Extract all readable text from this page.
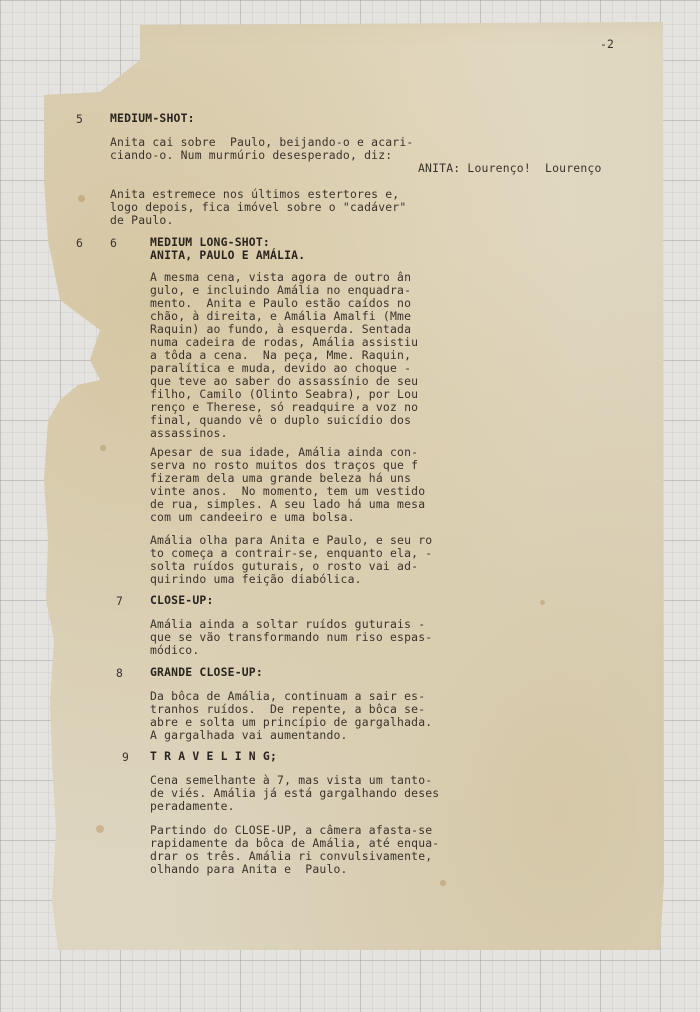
-2
5 MEDIUM-SHOT:
Anita cai sobre  Paulo, beijando-o e acari-
ciando-o. Num murmúrio desesperado, diz:
ANITA: Lourenço!  Lourenço
Anita estremece nos últimos estertores e,
logo depois, fica imóvel sobre o "cadáver"
de Paulo.
6 6	MEDIUM LONG-SHOT:
ANITA, PAULO E AMÁLIA.
A mesma cena, vista agora de outro ân
gulo, e incluindo Amália no enquadra-
mento.  Anita e Paulo estão caídos no
chão, à direita, e Amália Amalfi (Mme
Raquin) ao fundo, à esquerda. Sentada
numa cadeira de rodas, Amália assistiu
a tôda a cena.  Na peça, Mme. Raquin,
paralítica e muda, devido ao choque -
que teve ao saber do assassínio de seu
filho, Camilo (Olinto Seabra), por Lou
renço e Therese, só readquire a voz no
final, quando vê o duplo suicídio dos
assassinos.
Apesar de sua idade, Amália ainda con-
serva no rosto muitos dos traços que f
fizeram dela uma grande beleza há uns
vinte anos.  No momento, tem um vestido
de rua, simples. A seu lado há uma mesa
com um candeeiro e uma bolsa.
Amália olha para Anita e Paulo, e seu ro
to começa a contrair-se, enquanto ela, -
solta ruídos guturais, o rosto vai ad-
quirindo uma feição diabólica.
7 CLOSE-UP:
Amália ainda a soltar ruídos guturais -
que se vão transformando num riso espas-
módico.
8 GRANDE CLOSE-UP:
Da bôca de Amália, continuam a sair es-
tranhos ruídos.  De repente, a bôca se-
abre e solta um princípio de gargalhada.
A gargalhada vai aumentando.
9 T R A V E L I N G;
Cena semelhante à 7, mas vista um tanto-
de viés. Amália já está gargalhando deses
peradamente.
Partindo do CLOSE-UP, a câmera afasta-se
rapidamente da bôca de Amália, até enqua-
drar os três. Amália ri convulsivamente,
olhando para Anita e  Paulo.
